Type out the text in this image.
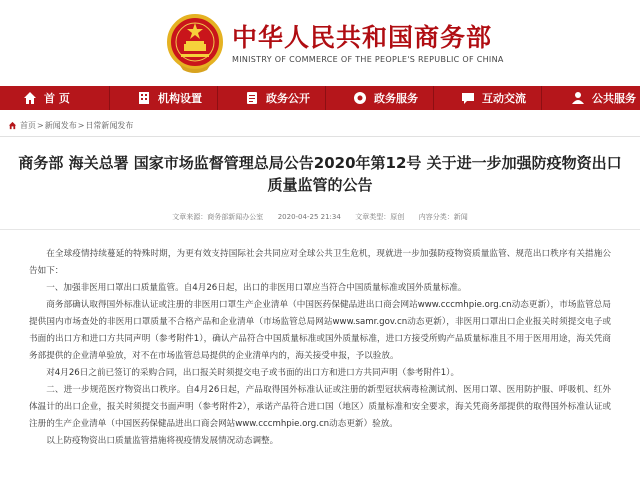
中华人民共和国商务部
MINISTRY OF COMMERCE OF THE PEOPLE'S REPUBLIC OF CHINA
首 页	机构设置	政务公开	政务服务	互动交流	公共服务
首页 > 新闻发布 > 日常新闻发布
商务部 海关总署 国家市场监督管理总局公告2020年第12号 关于进一步加强防疫物资出口质量监管的公告
文章来源：商务部新闻办公室 2020-04-25 21:34 文章类型：原创 内容分类：新闻

在全球疫情持续蔓延的特殊时期，为更有效支持国际社会共同应对全球公共卫生危机，现就进一步加强防疫物资质量监管、规范出口秩序有关措施公告如下：

一、加强非医用口罩出口质量监管。自4月26日起，出口的非医用口罩应当符合中国质量标准或国外质量标准。

商务部确认取得国外标准认证或注册的非医用口罩生产企业清单（中国医药保健品进出口商会网站www.cccmhpie.org.cn动态更新），市场监管总局提供国内市场查处的非医用口罩质量不合格产品和企业清单（市场监管总局网站www.samr.gov.cn动态更新），非医用口罩出口企业报关时须提交电子或书面的出口方和进口方共同声明（参考附件1），确认产品符合中国质量标准或国外质量标准，进口方接受所购产品质量标准且不用于医用用途，海关凭商务部提供的企业清单验放，对不在市场监管总局提供的企业清单内的，海关接受申报，予以验放。

对4月26日之前已签订的采购合同，出口报关时须提交电子或书面的出口方和进口方共同声明（参考附件1）。

二、进一步规范医疗物资出口秩序。自4月26日起，产品取得国外标准认证或注册的新型冠状病毒检测试剂、医用口罩、医用防护服、呼吸机、红外体温计的出口企业，报关时须提交书面声明（参考附件2），承诺产品符合进口国（地区）质量标准和安全要求，海关凭商务部提供的取得国外标准认证或注册的生产企业清单（中国医药保健品进出口商会网站www.cccmhpie.org.cn动态更新）验放。

以上防疫物资出口质量监管措施将视疫情发展情况动态调整。
